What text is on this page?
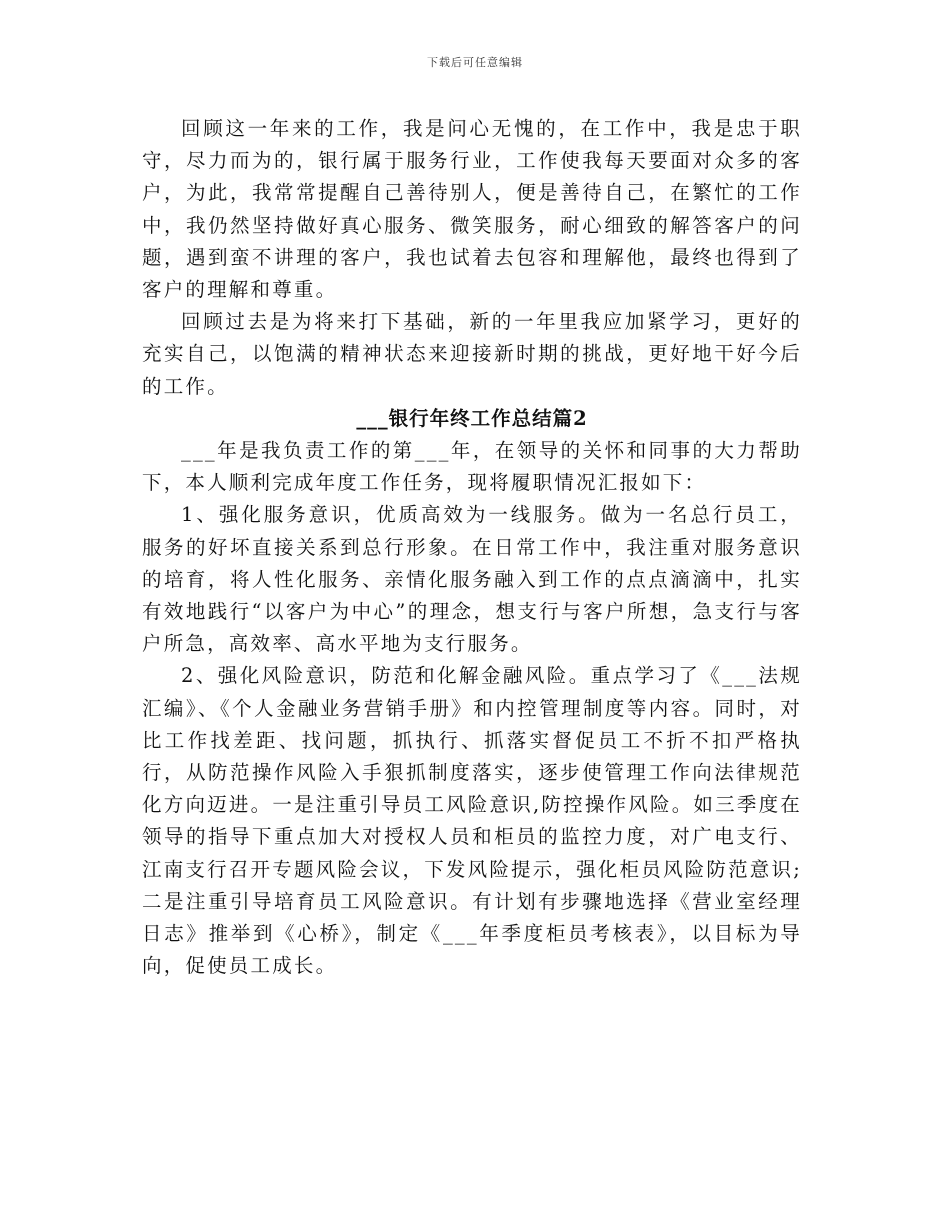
下载后可任意编辑

回顾这一年来的工作，我是问心无愧的，在工作中，我是忠于职守，尽力而为的，银行属于服务行业，工作使我每天要面对众多的客户，为此，我常常提醒自己善待别人，便是善待自己，在繁忙的工作中，我仍然坚持做好真心服务、微笑服务，耐心细致的解答客户的问题，遇到蛮不讲理的客户，我也试着去包容和理解他，最终也得到了客户的理解和尊重。

回顾过去是为将来打下基础，新的一年里我应加紧学习，更好的充实自己，以饱满的精神状态来迎接新时期的挑战，更好地干好今后的工作。

___银行年终工作总结篇2

___年是我负责工作的第___年，在领导的关怀和同事的大力帮助下，本人顺利完成年度工作任务，现将履职情况汇报如下：

1、强化服务意识，优质高效为一线服务。做为一名总行员工，服务的好坏直接关系到总行形象。在日常工作中，我注重对服务意识的培育，将人性化服务、亲情化服务融入到工作的点点滴滴中，扎实有效地践行“以客户为中心”的理念，想支行与客户所想，急支行与客户所急，高效率、高水平地为支行服务。

2、强化风险意识，防范和化解金融风险。重点学习了《___法规汇编》、《个人金融业务营销手册》和内控管理制度等内容。同时，对比工作找差距、找问题，抓执行、抓落实督促员工不折不扣严格执行，从防范操作风险入手狠抓制度落实，逐步使管理工作向法律规范化方向迈进。一是注重引导员工风险意识,防控操作风险。如三季度在领导的指导下重点加大对授权人员和柜员的监控力度，对广电支行、江南支行召开专题风险会议，下发风险提示，强化柜员风险防范意识;二是注重引导培育员工风险意识。有计划有步骤地选择《营业室经理日志》推举到《心桥》，制定《___年季度柜员考核表》，以目标为导向，促使员工成长。
